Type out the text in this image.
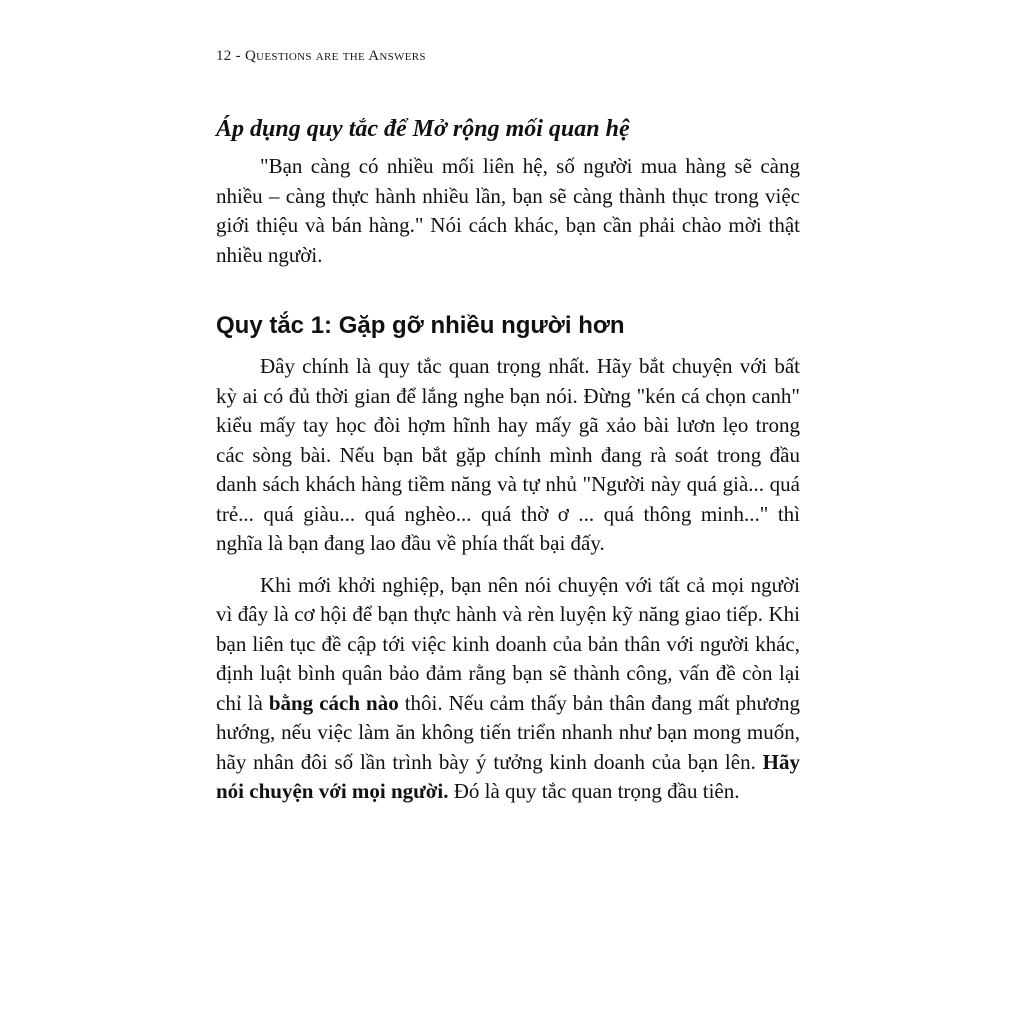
12 - Questions are the Answers
Áp dụng quy tắc để Mở rộng mối quan hệ

"Bạn càng có nhiều mối liên hệ, số người mua hàng sẽ càng nhiều – càng thực hành nhiều lần, bạn sẽ càng thành thục trong việc giới thiệu và bán hàng." Nói cách khác, bạn cần phải chào mời thật nhiều người.

Quy tắc 1: Gặp gỡ nhiều người hơn

Đây chính là quy tắc quan trọng nhất. Hãy bắt chuyện với bất kỳ ai có đủ thời gian để lắng nghe bạn nói. Đừng "kén cá chọn canh" kiểu mấy tay học đòi hợm hĩnh hay mấy gã xảo bài lươn lẹo trong các sòng bài. Nếu bạn bắt gặp chính mình đang rà soát trong đầu danh sách khách hàng tiềm năng và tự nhủ "Người này quá già... quá trẻ... quá giàu... quá nghèo... quá thờ ơ ... quá thông minh..." thì nghĩa là bạn đang lao đầu về phía thất bại đấy.

Khi mới khởi nghiệp, bạn nên nói chuyện với tất cả mọi người vì đây là cơ hội để bạn thực hành và rèn luyện kỹ năng giao tiếp. Khi bạn liên tục đề cập tới việc kinh doanh của bản thân với người khác, định luật bình quân bảo đảm rằng bạn sẽ thành công, vấn đề còn lại chỉ là bằng cách nào thôi. Nếu cảm thấy bản thân đang mất phương hướng, nếu việc làm ăn không tiến triển nhanh như bạn mong muốn, hãy nhân đôi số lần trình bày ý tưởng kinh doanh của bạn lên. Hãy nói chuyện với mọi người. Đó là quy tắc quan trọng đầu tiên.
